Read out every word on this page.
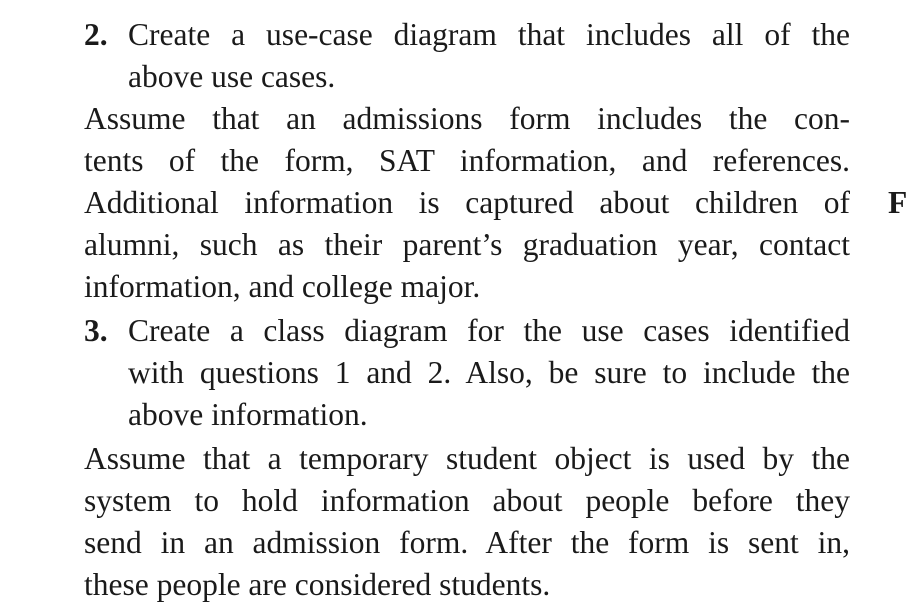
2. Create a use-case diagram that includes all of the
above use cases.
Assume that an admissions form includes the con-
tents of the form, SAT information, and references.
Additional information is captured about children of
alumni, such as their parent’s graduation year, contact
information, and college major.
3. Create a class diagram for the use cases identified
with questions 1 and 2. Also, be sure to include the
above information.
Assume that a temporary student object is used by the
system to hold information about people before they
send in an admission form. After the form is sent in,
these people are considered students.
F
